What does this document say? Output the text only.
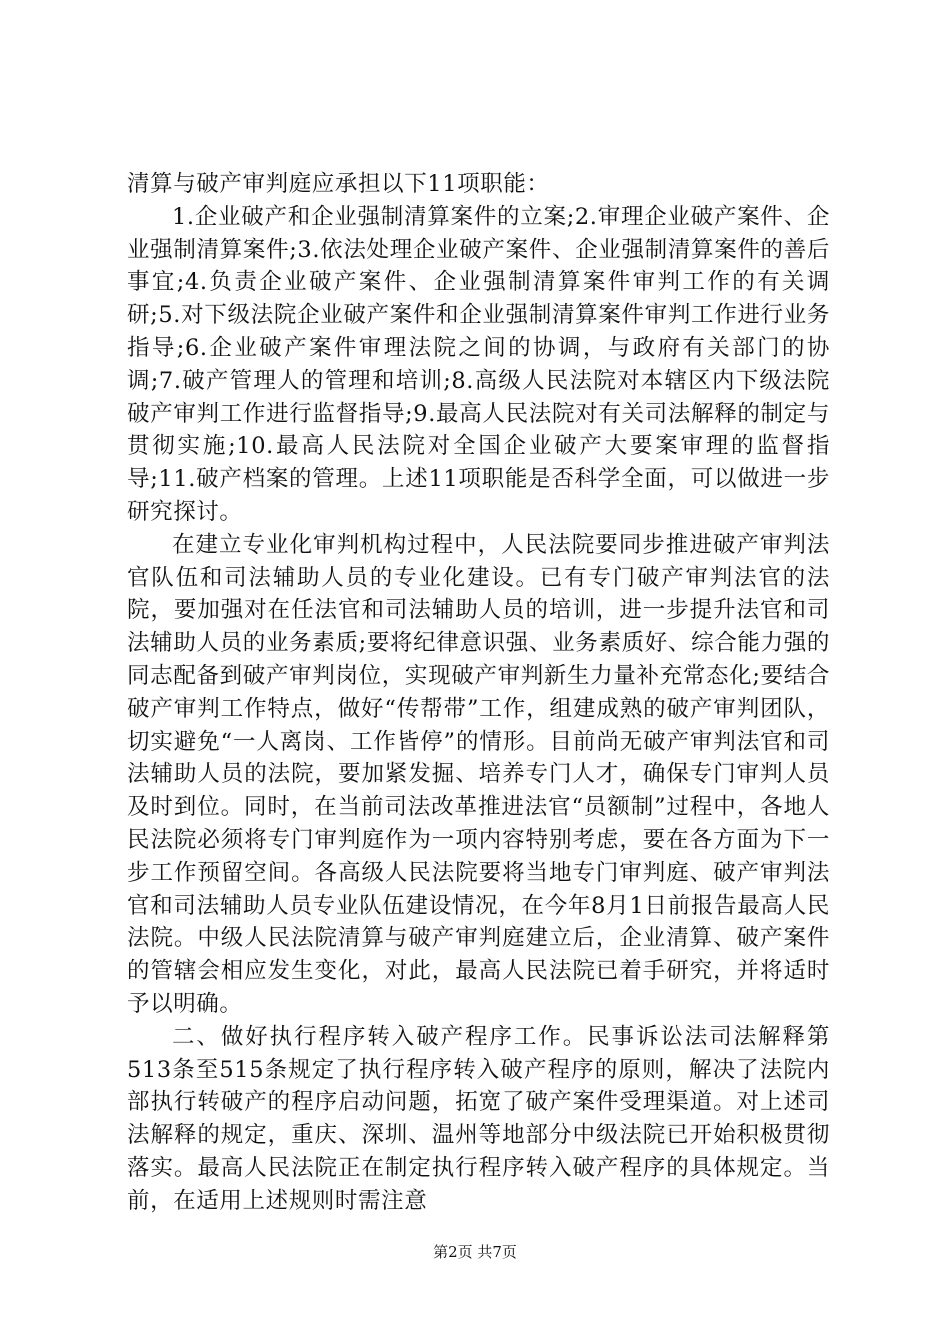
清算与破产审判庭应承担以下11项职能：

1.企业破产和企业强制清算案件的立案;2.审理企业破产案件、企业强制清算案件;3.依法处理企业破产案件、企业强制清算案件的善后事宜;4.负责企业破产案件、企业强制清算案件审判工作的有关调研;5.对下级法院企业破产案件和企业强制清算案件审判工作进行业务指导;6.企业破产案件审理法院之间的协调，与政府有关部门的协调;7.破产管理人的管理和培训;8.高级人民法院对本辖区内下级法院破产审判工作进行监督指导;9.最高人民法院对有关司法解释的制定与贯彻实施;10.最高人民法院对全国企业破产大要案审理的监督指导;11.破产档案的管理。上述11项职能是否科学全面，可以做进一步研究探讨。

在建立专业化审判机构过程中，人民法院要同步推进破产审判法官队伍和司法辅助人员的专业化建设。已有专门破产审判法官的法院，要加强对在任法官和司法辅助人员的培训，进一步提升法官和司法辅助人员的业务素质;要将纪律意识强、业务素质好、综合能力强的同志配备到破产审判岗位，实现破产审判新生力量补充常态化;要结合破产审判工作特点，做好“传帮带”工作，组建成熟的破产审判团队，切实避免“一人离岗、工作皆停”的情形。目前尚无破产审判法官和司法辅助人员的法院，要加紧发掘、培养专门人才，确保专门审判人员及时到位。同时，在当前司法改革推进法官“员额制”过程中，各地人民法院必须将专门审判庭作为一项内容特别考虑，要在各方面为下一步工作预留空间。各高级人民法院要将当地专门审判庭、破产审判法官和司法辅助人员专业队伍建设情况，在今年8月1日前报告最高人民法院。中级人民法院清算与破产审判庭建立后，企业清算、破产案件的管辖会相应发生变化，对此，最高人民法院已着手研究，并将适时予以明确。

二、做好执行程序转入破产程序工作。民事诉讼法司法解释第513条至515条规定了执行程序转入破产程序的原则，解决了法院内部执行转破产的程序启动问题，拓宽了破产案件受理渠道。对上述司法解释的规定，重庆、深圳、温州等地部分中级法院已开始积极贯彻落实。最高人民法院正在制定执行程序转入破产程序的具体规定。当前，在适用上述规则时需注意

第2页 共7页
